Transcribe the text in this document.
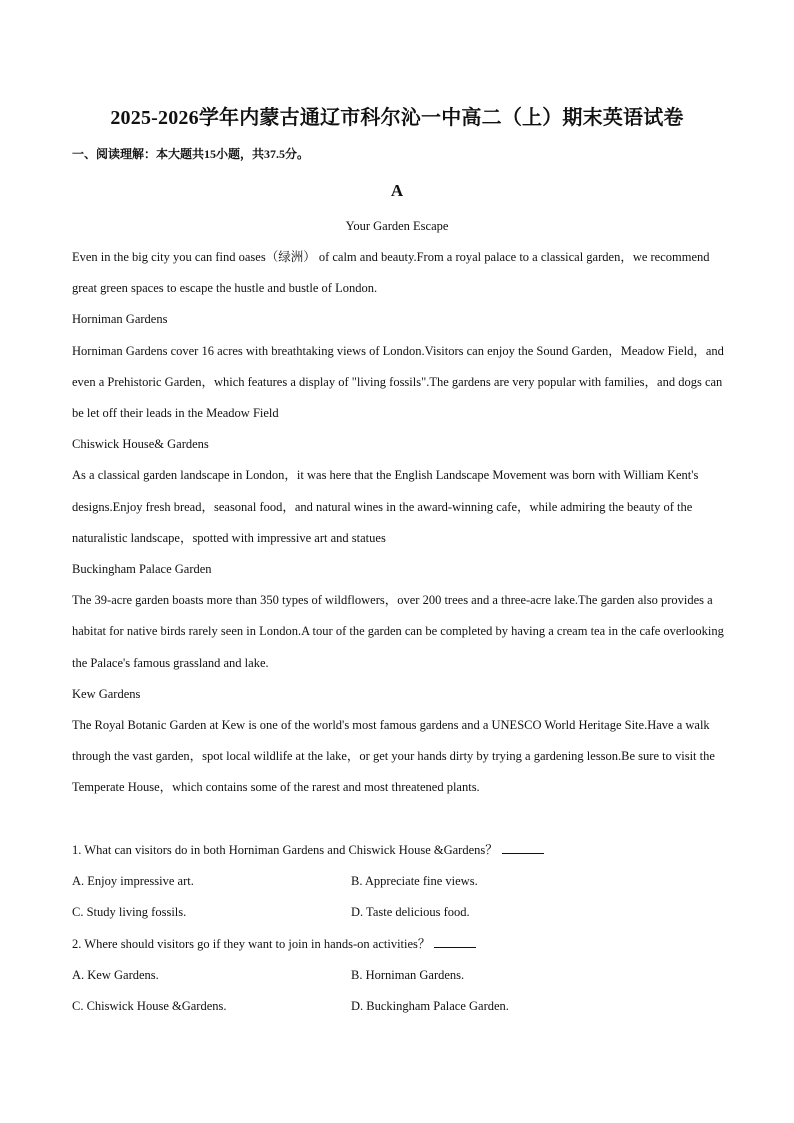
2025-2026学年内蒙古通辽市科尔沁一中高二（上）期末英语试卷
一、阅读理解：本大题共15小题，共37.5分。
A
Your Garden Escape

Even in the big city you can find oases（绿洲） of calm and beauty.From a royal palace to a classical garden，we recommend great green spaces to escape the hustle and bustle of London.

Horniman Gardens

Horniman Gardens cover 16 acres with breathtaking views of London.Visitors can enjoy the Sound Garden，Meadow Field，and even a Prehistoric Garden，which features a display of "living fossils".The gardens are very popular with families，and dogs can be let off their leads in the Meadow Field

Chiswick House& Gardens

As a classical garden landscape in London，it was here that the English Landscape Movement was born with William Kent's designs.Enjoy fresh bread，seasonal food，and natural wines in the award-winning cafe，while admiring the beauty of the naturalistic landscape，spotted with impressive art and statues

Buckingham Palace Garden

The 39-acre garden boasts more than 350 types of wildflowers，over 200 trees and a three-acre lake.The garden also provides a habitat for native birds rarely seen in London.A tour of the garden can be completed by having a cream tea in the cafe overlooking the Palace's famous grassland and lake.

Kew Gardens

The Royal Botanic Garden at Kew is one of the world's most famous gardens and a UNESCO World Heritage Site.Have a walk through the vast garden，spot local wildlife at the lake，or get your hands dirty by trying a gardening lesson.Be sure to visit the Temperate House，which contains some of the rarest and most threatened plants.

1. What can visitors do in both Horniman Gardens and Chiswick House &Gardens？
A. Enjoy impressive art.	B. Appreciate fine views.
C. Study living fossils.	D. Taste delicious food.
2. Where should visitors go if they want to join in hands-on activities？
A. Kew Gardens.	B. Horniman Gardens.
C. Chiswick House &Gardens.	D. Buckingham Palace Garden.
